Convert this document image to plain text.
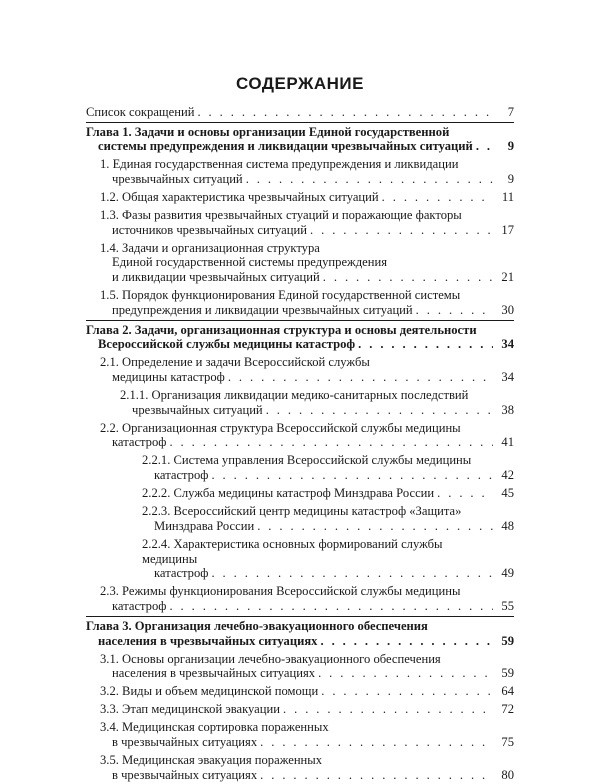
СОДЕРЖАНИЕ
Список сокращений . . .	7
Глава 1. Задачи и основы организации Единой государственной
системы предупреждения и ликвидации чрезвычайных ситуаций . . .	9
1. Единая государственная система предупреждения и ликвидации
чрезвычайных ситуаций . . .	9
1.2. Общая характеристика чрезвычайных ситуаций . . .	11
1.3. Фазы развития чрезвычайных стуаций и поражающие факторы
источников чрезвычайных ситуаций . . .	17
1.4. Задачи и организационная структура
Единой государственной системы предупреждения
и ликвидации чрезвычайных ситуаций . . .	21
1.5. Порядок функционирования Единой государственной системы
предупреждения и ликвидации чрезвычайных ситуаций . . .	30
Глава 2. Задачи, организационная структура и основы деятельности
Всероссийской службы медицины катастроф . . .	34
2.1. Определение и задачи Всероссийской службы
медицины катастроф . . .	34
2.1.1. Организация ликвидации медико-санитарных последствий
чрезвычайных ситуаций . . .	38
2.2. Организационная структура Всероссийской службы медицины
катастроф . . .	41
2.2.1. Система управления Всероссийской службы медицины
катастроф . . .	42
2.2.2. Служба медицины катастроф Минздрава России . . .	45
2.2.3. Всероссийский центр медицины катастроф «Защита»
Минздрава России . . .	48
2.2.4. Характеристика основных формирований службы медицины
катастроф . . .	49
2.3. Режимы функционирования Всероссийской службы медицины
катастроф . . .	55
Глава 3. Организация лечебно-эвакуационного обеспечения
населения в чрезвычайных ситуациях . . .	59
3.1. Основы организации лечебно-эвакуационного обеспечения
населения в чрезвычайных ситуациях . . .	59
3.2. Виды и объем медицинской помощи . . .	64
3.3. Этап медицинской эвакуации . . .	72
3.4. Медицинская сортировка пораженных
в чрезвычайных ситуациях . . .	75
3.5. Медицинская эвакуация пораженных
в чрезвычайных ситуациях . . .	80
